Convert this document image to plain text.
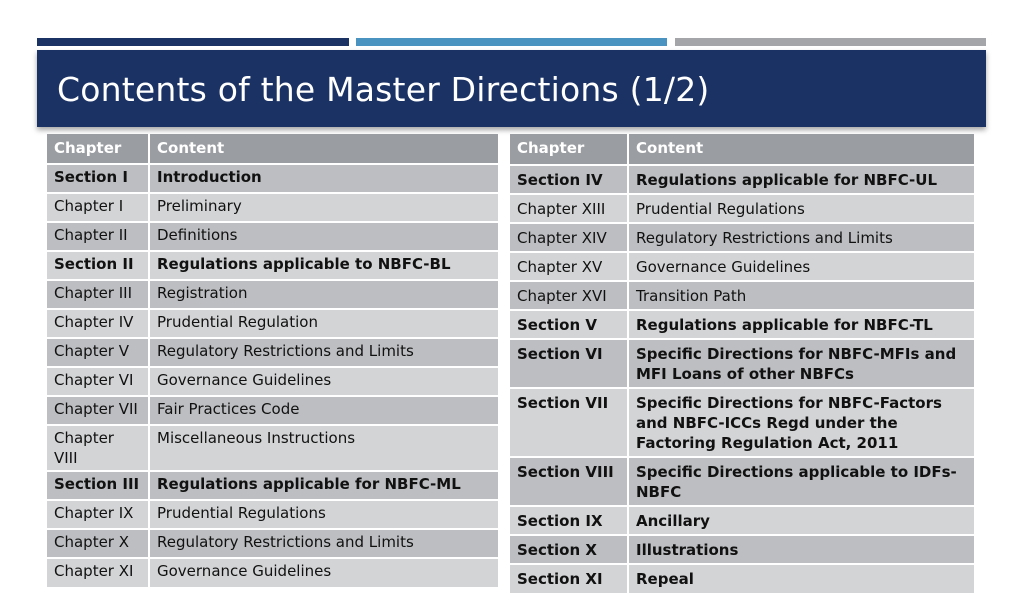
Contents of the Master Directions (1/2)
Chapter	Content
Section I	Introduction
Chapter I	Preliminary
Chapter II	Definitions
Section II	Regulations applicable to NBFC-BL
Chapter III	Registration
Chapter IV	Prudential Regulation
Chapter V	Regulatory Restrictions and Limits
Chapter VI	Governance Guidelines
Chapter VII	Fair Practices Code
Chapter VIII	Miscellaneous Instructions
Section III	Regulations applicable for NBFC-ML
Chapter IX	Prudential Regulations
Chapter X	Regulatory Restrictions and Limits
Chapter XI	Governance Guidelines
Chapter	Content
Section IV	Regulations applicable for NBFC-UL
Chapter XIII	Prudential Regulations
Chapter XIV	Regulatory Restrictions and Limits
Chapter XV	Governance Guidelines
Chapter XVI	Transition Path
Section V	Regulations applicable for NBFC-TL
Section VI	Specific Directions for NBFC-MFIs and MFI Loans of other NBFCs
Section VII	Specific Directions for NBFC-Factors and NBFC-ICCs Regd under the Factoring Regulation Act, 2011
Section VIII	Specific Directions applicable to IDFs-NBFC
Section IX	Ancillary
Section X	Illustrations
Section XI	Repeal
